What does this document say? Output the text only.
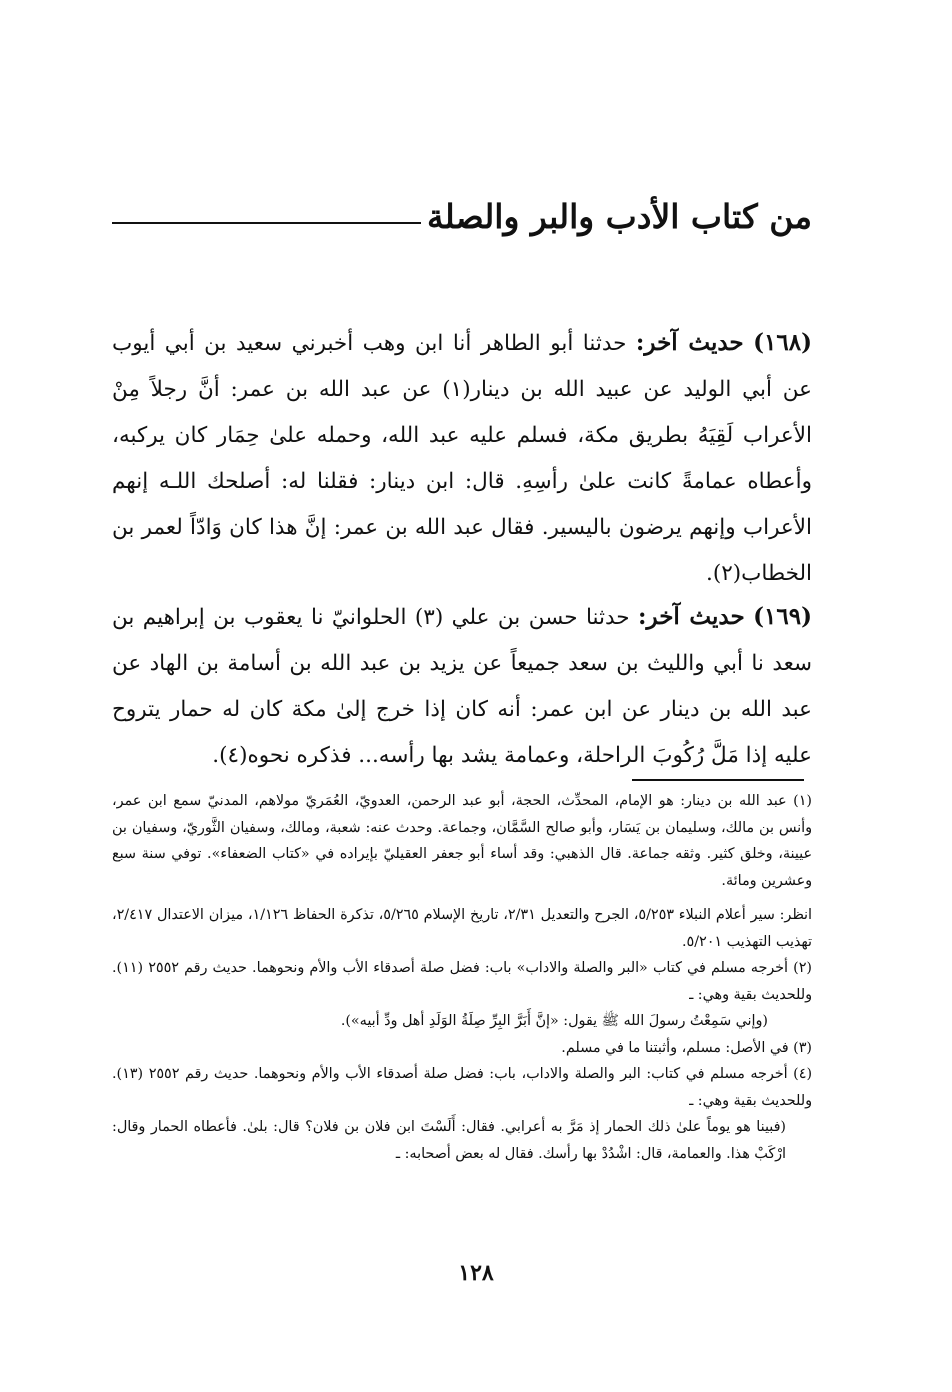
من كتاب الأدب والبر والصلة
(١٦٨) حديث آخر: حدثنا أبو الطاهر أنا ابن وهب أخبرني سعيد بن أبي أيوب عن أبي الوليد عن عبيد الله بن دينار(١) عن عبد الله بن عمر: أنَّ رجلاً مِنْ الأعراب لَقِيَهُ بطريق مكة، فسلم عليه عبد الله، وحمله علىٰ حِمَار كان يركبه، وأعطاه عمامةً كانت علىٰ رأسِهِ. قال: ابن دينار: فقلنا له: أصلحك اللـه إنهم الأعراب وإنهم يرضون باليسير. فقال عبد الله بن عمر: إنَّ هذا كان وَادّاً لعمر بن الخطاب(٢).
(١٦٩) حديث آخر: حدثنا حسن بن علي (٣) الحلوانيّ نا يعقوب بن إبراهيم بن سعد نا أبي والليث بن سعد جميعاً عن يزيد بن عبد الله بن أسامة بن الهاد عن عبد الله بن دينار عن ابن عمر: أنه كان إذا خرج إلىٰ مكة كان له حمار يتروح عليه إذا مَلَّ رُكُوبَ الراحلة، وعمامة يشد بها رأسه... فذكره نحوه(٤).

(١) عبد الله بن دينار: هو الإمام، المحدِّث، الحجة، أبو عبد الرحمن، العدويّ، العُمَريّ مولاهم، المدنيّ سمع ابن عمر، وأنس بن مالك، وسليمان بن يَسَار، وأبو صالح السَّمَّان، وجماعة. وحدث عنه: شعبة، ومالك، وسفيان الثَّوريّ، وسفيان بن عيينة، وخلق كثير. وثقه جماعة. قال الذهبي: وقد أساء أبو جعفر العقيليّ بإيراده في «كتاب الضعفاء». توفي سنة سبع وعشرين ومائة.

انظر: سير أعلام النبلاء ٥/٢٥٣، الجرح والتعديل ٢/٣١، تاريخ الإسلام ٥/٢٦٥، تذكرة الحفاظ ١/١٢٦، ميزان الاعتدال ٢/٤١٧، تهذيب التهذيب ٥/٢٠١.

(٢) أخرجه مسلم في كتاب «البر والصلة والاداب» باب: فضل صلة أصدقاء الأب والأم ونحوهما. حديث رقم ٢٥٥٢ (١١). وللحديث بقية وهي: ـ

(وإني سَمِعْتُ رسولَ الله ﷺ يقول: «إنَّ أَبَرَّ البِرِّ صِلَةُ الوَلَدِ أهل ودِّ أبيه»).

(٣) في الأصل: مسلم، وأثبتنا ما في مسلم.

(٤) أخرجه مسلم في كتاب: البر والصلة والاداب، باب: فضل صلة أصدقاء الأب والأم ونحوهما. حديث رقم ٢٥٥٢ (١٣). وللحديث بقية وهي: ـ

(فبينا هو يوماً علىٰ ذلك الحمار إذ مَرَّ به أعرابي. فقال: أَلَسْتَ ابن فلان بن فلان؟ قال: بلىٰ. فأعطاه الحمار وقال: ارْكَبْ هذا. والعمامة، قال: اشْدُدْ بها رأسك. فقال له بعض أصحابه: ـ

١٢٨
